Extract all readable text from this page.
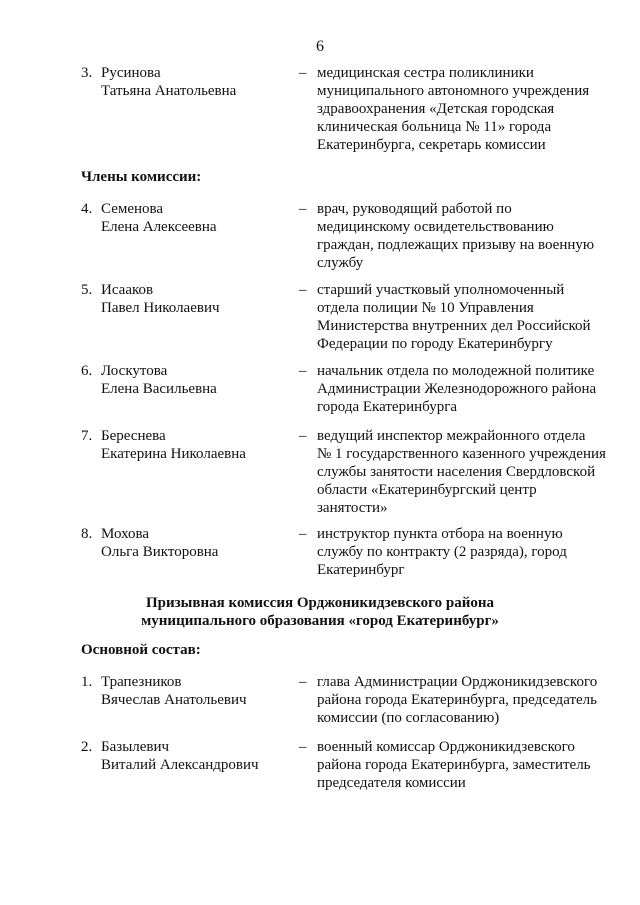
6
3. Русинова
Татьяна Анатольевна
– медицинская сестра поликлиники
муниципального автономного учреждения
здравоохранения «Детская городская
клиническая больница № 11» города
Екатеринбурга, секретарь комиссии
Члены комиссии:
4. Семенова
Елена Алексеевна
– врач, руководящий работой по
медицинскому освидетельствованию
граждан, подлежащих призыву на военную
службу
5. Исааков
Павел Николаевич
– старший участковый уполномоченный
отдела полиции № 10 Управления
Министерства внутренних дел Российской
Федерации по городу Екатеринбургу
6. Лоскутова
Елена Васильевна
– начальник отдела по молодежной политике
Администрации Железнодорожного района
города Екатеринбурга
7. Береснева
Екатерина Николаевна
– ведущий инспектор межрайонного отдела
№ 1 государственного казенного учреждения
службы занятости населения Свердловской
области «Екатеринбургский центр
занятости»
8. Мохова
Ольга Викторовна
– инструктор пункта отбора на военную
службу по контракту (2 разряда), город
Екатеринбург
Призывная комиссия Орджоникидзевского района
муниципального образования «город Екатеринбург»
Основной состав:
1. Трапезников
Вячеслав Анатольевич
– глава Администрации Орджоникидзевского
района города Екатеринбурга, председатель
комиссии (по согласованию)
2. Базылевич
Виталий Александрович
– военный комиссар Орджоникидзевского
района города Екатеринбурга, заместитель
председателя комиссии
